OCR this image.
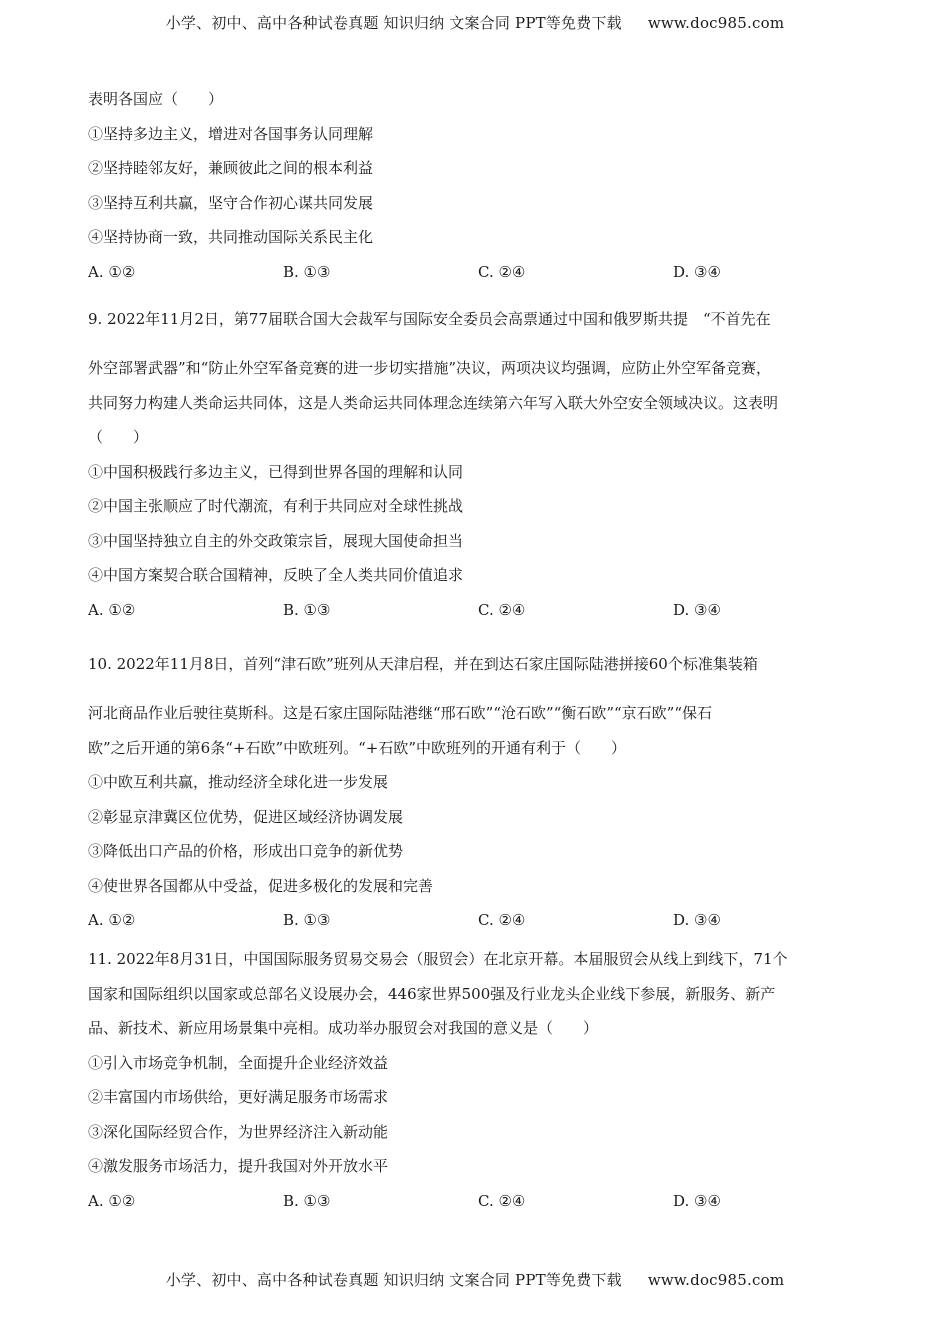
小学、初中、高中各种试卷真题 知识归纳 文案合同 PPT等免费下载 www.doc985.com
表明各国应（　　）
①坚持多边主义，增进对各国事务认同理解
②坚持睦邻友好，兼顾彼此之间的根本利益
③坚持互利共赢，坚守合作初心谋共同发展
④坚持协商一致，共同推动国际关系民主化
A. ①②	B. ①③	C. ②④	D. ③④
9. 2022年11月2日，第77届联合国大会裁军与国际安全委员会高票通过中国和俄罗斯共提　“不首先在
外空部署武器”和“防止外空军备竞赛的进一步切实措施”决议，两项决议均强调，应防止外空军备竞赛，
共同努力构建人类命运共同体，这是人类命运共同体理念连续第六年写入联大外空安全领域决议。这表明
（　　）
①中国积极践行多边主义，已得到世界各国的理解和认同
②中国主张顺应了时代潮流，有利于共同应对全球性挑战
③中国坚持独立自主的外交政策宗旨，展现大国使命担当
④中国方案契合联合国精神，反映了全人类共同价值追求
A. ①②	B. ①③	C. ②④	D. ③④
10. 2022年11月8日，首列“津石欧”班列从天津启程，并在到达石家庄国际陆港拼接60个标准集装箱
河北商品作业后驶往莫斯科。这是石家庄国际陆港继“邢石欧”“沧石欧”“衡石欧”“京石欧”“保石
欧”之后开通的第6条“+石欧”中欧班列。“+石欧”中欧班列的开通有利于（　　）
①中欧互利共赢，推动经济全球化进一步发展
②彰显京津冀区位优势，促进区域经济协调发展
③降低出口产品的价格，形成出口竞争的新优势
④使世界各国都从中受益，促进多极化的发展和完善
A. ①②	B. ①③	C. ②④	D. ③④
11. 2022年8月31日，中国国际服务贸易交易会（服贸会）在北京开幕。本届服贸会从线上到线下，71个
国家和国际组织以国家或总部名义设展办会，446家世界500强及行业龙头企业线下参展，新服务、新产
品、新技术、新应用场景集中亮相。成功举办服贸会对我国的意义是（　　）
①引入市场竞争机制，全面提升企业经济效益
②丰富国内市场供给，更好满足服务市场需求
③深化国际经贸合作，为世界经济注入新动能
④激发服务市场活力，提升我国对外开放水平
A. ①②	B. ①③	C. ②④	D. ③④
小学、初中、高中各种试卷真题 知识归纳 文案合同 PPT等免费下载 www.doc985.com
